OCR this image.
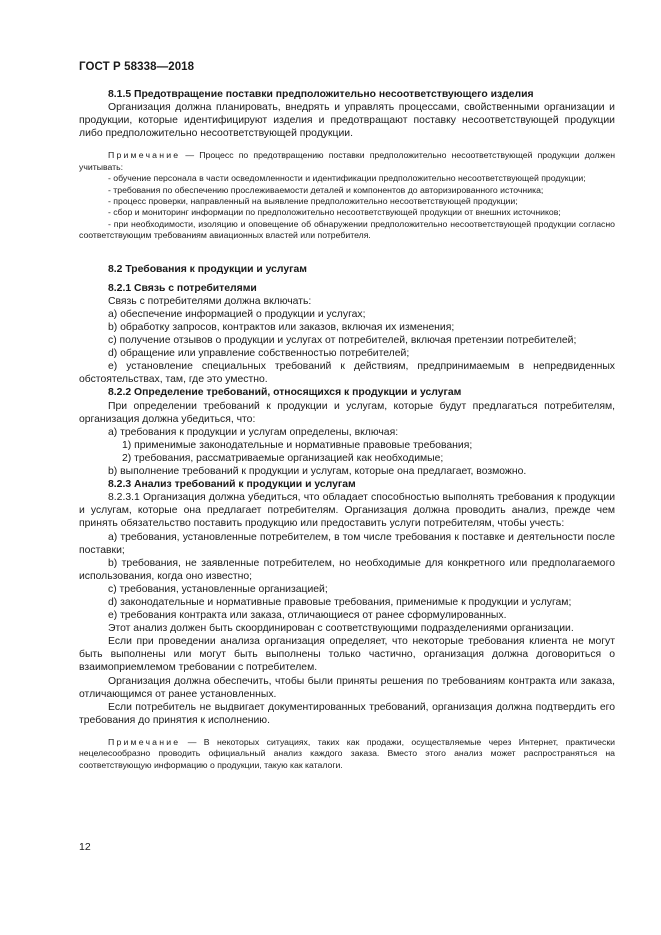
ГОСТ Р 58338—2018

8.1.5 Предотвращение поставки предположительно несоответствующего изделия

Организация должна планировать, внедрять и управлять процессами, свойственными организации и продукции, которые идентифицируют изделия и предотвращают поставку несоответствующей продукции либо предположительно несоответствующей продукции.

Примечание — Процесс по предотвращению поставки предположительно несоответствующей продукции должен учитывать:

- обучение персонала в части осведомленности и идентификации предположительно несоответствующей продукции;

- требования по обеспечению прослеживаемости деталей и компонентов до авторизированного источника;

- процесс проверки, направленный на выявление предположительно несоответствующей продукции;

- сбор и мониторинг информации по предположительно несоответствующей продукции от внешних источников;

- при необходимости, изоляцию и оповещение об обнаружении предположительно несоответствующей продукции согласно соответствующим требованиям авиационных властей или потребителя.

8.2 Требования к продукции и услугам

8.2.1 Связь с потребителями

Связь с потребителями должна включать:

a) обеспечение информацией о продукции и услугах;

b) обработку запросов, контрактов или заказов, включая их изменения;

c) получение отзывов о продукции и услугах от потребителей, включая претензии потребителей;

d) обращение или управление собственностью потребителей;

e) установление специальных требований к действиям, предпринимаемым в непредвиденных обстоятельствах, там, где это уместно.

8.2.2 Определение требований, относящихся к продукции и услугам

При определении требований к продукции и услугам, которые будут предлагаться потребителям, организация должна убедиться, что:

a) требования к продукции и услугам определены, включая:

1) применимые законодательные и нормативные правовые требования;

2) требования, рассматриваемые организацией как необходимые;

b) выполнение требований к продукции и услугам, которые она предлагает, возможно.

8.2.3 Анализ требований к продукции и услугам

8.2.3.1 Организация должна убедиться, что обладает способностью выполнять требования к продукции и услугам, которые она предлагает потребителям. Организация должна проводить анализ, прежде чем принять обязательство поставить продукцию или предоставить услуги потребителям, чтобы учесть:

a) требования, установленные потребителем, в том числе требования к поставке и деятельности после поставки;

b) требования, не заявленные потребителем, но необходимые для конкретного или предполагаемого использования, когда оно известно;

c) требования, установленные организацией;

d) законодательные и нормативные правовые требования, применимые к продукции и услугам;

e) требования контракта или заказа, отличающиеся от ранее сформулированных.

Этот анализ должен быть скоординирован с соответствующими подразделениями организации.

Если при проведении анализа организация определяет, что некоторые требования клиента не могут быть выполнены или могут быть выполнены только частично, организация должна договориться о взаимоприемлемом требовании с потребителем.

Организация должна обеспечить, чтобы были приняты решения по требованиям контракта или заказа, отличающимся от ранее установленных.

Если потребитель не выдвигает документированных требований, организация должна подтвердить его требования до принятия к исполнению.

Примечание — В некоторых ситуациях, таких как продажи, осуществляемые через Интернет, практически нецелесообразно проводить официальный анализ каждого заказа. Вместо этого анализ может распространяться на соответствующую информацию о продукции, такую как каталоги.

12
